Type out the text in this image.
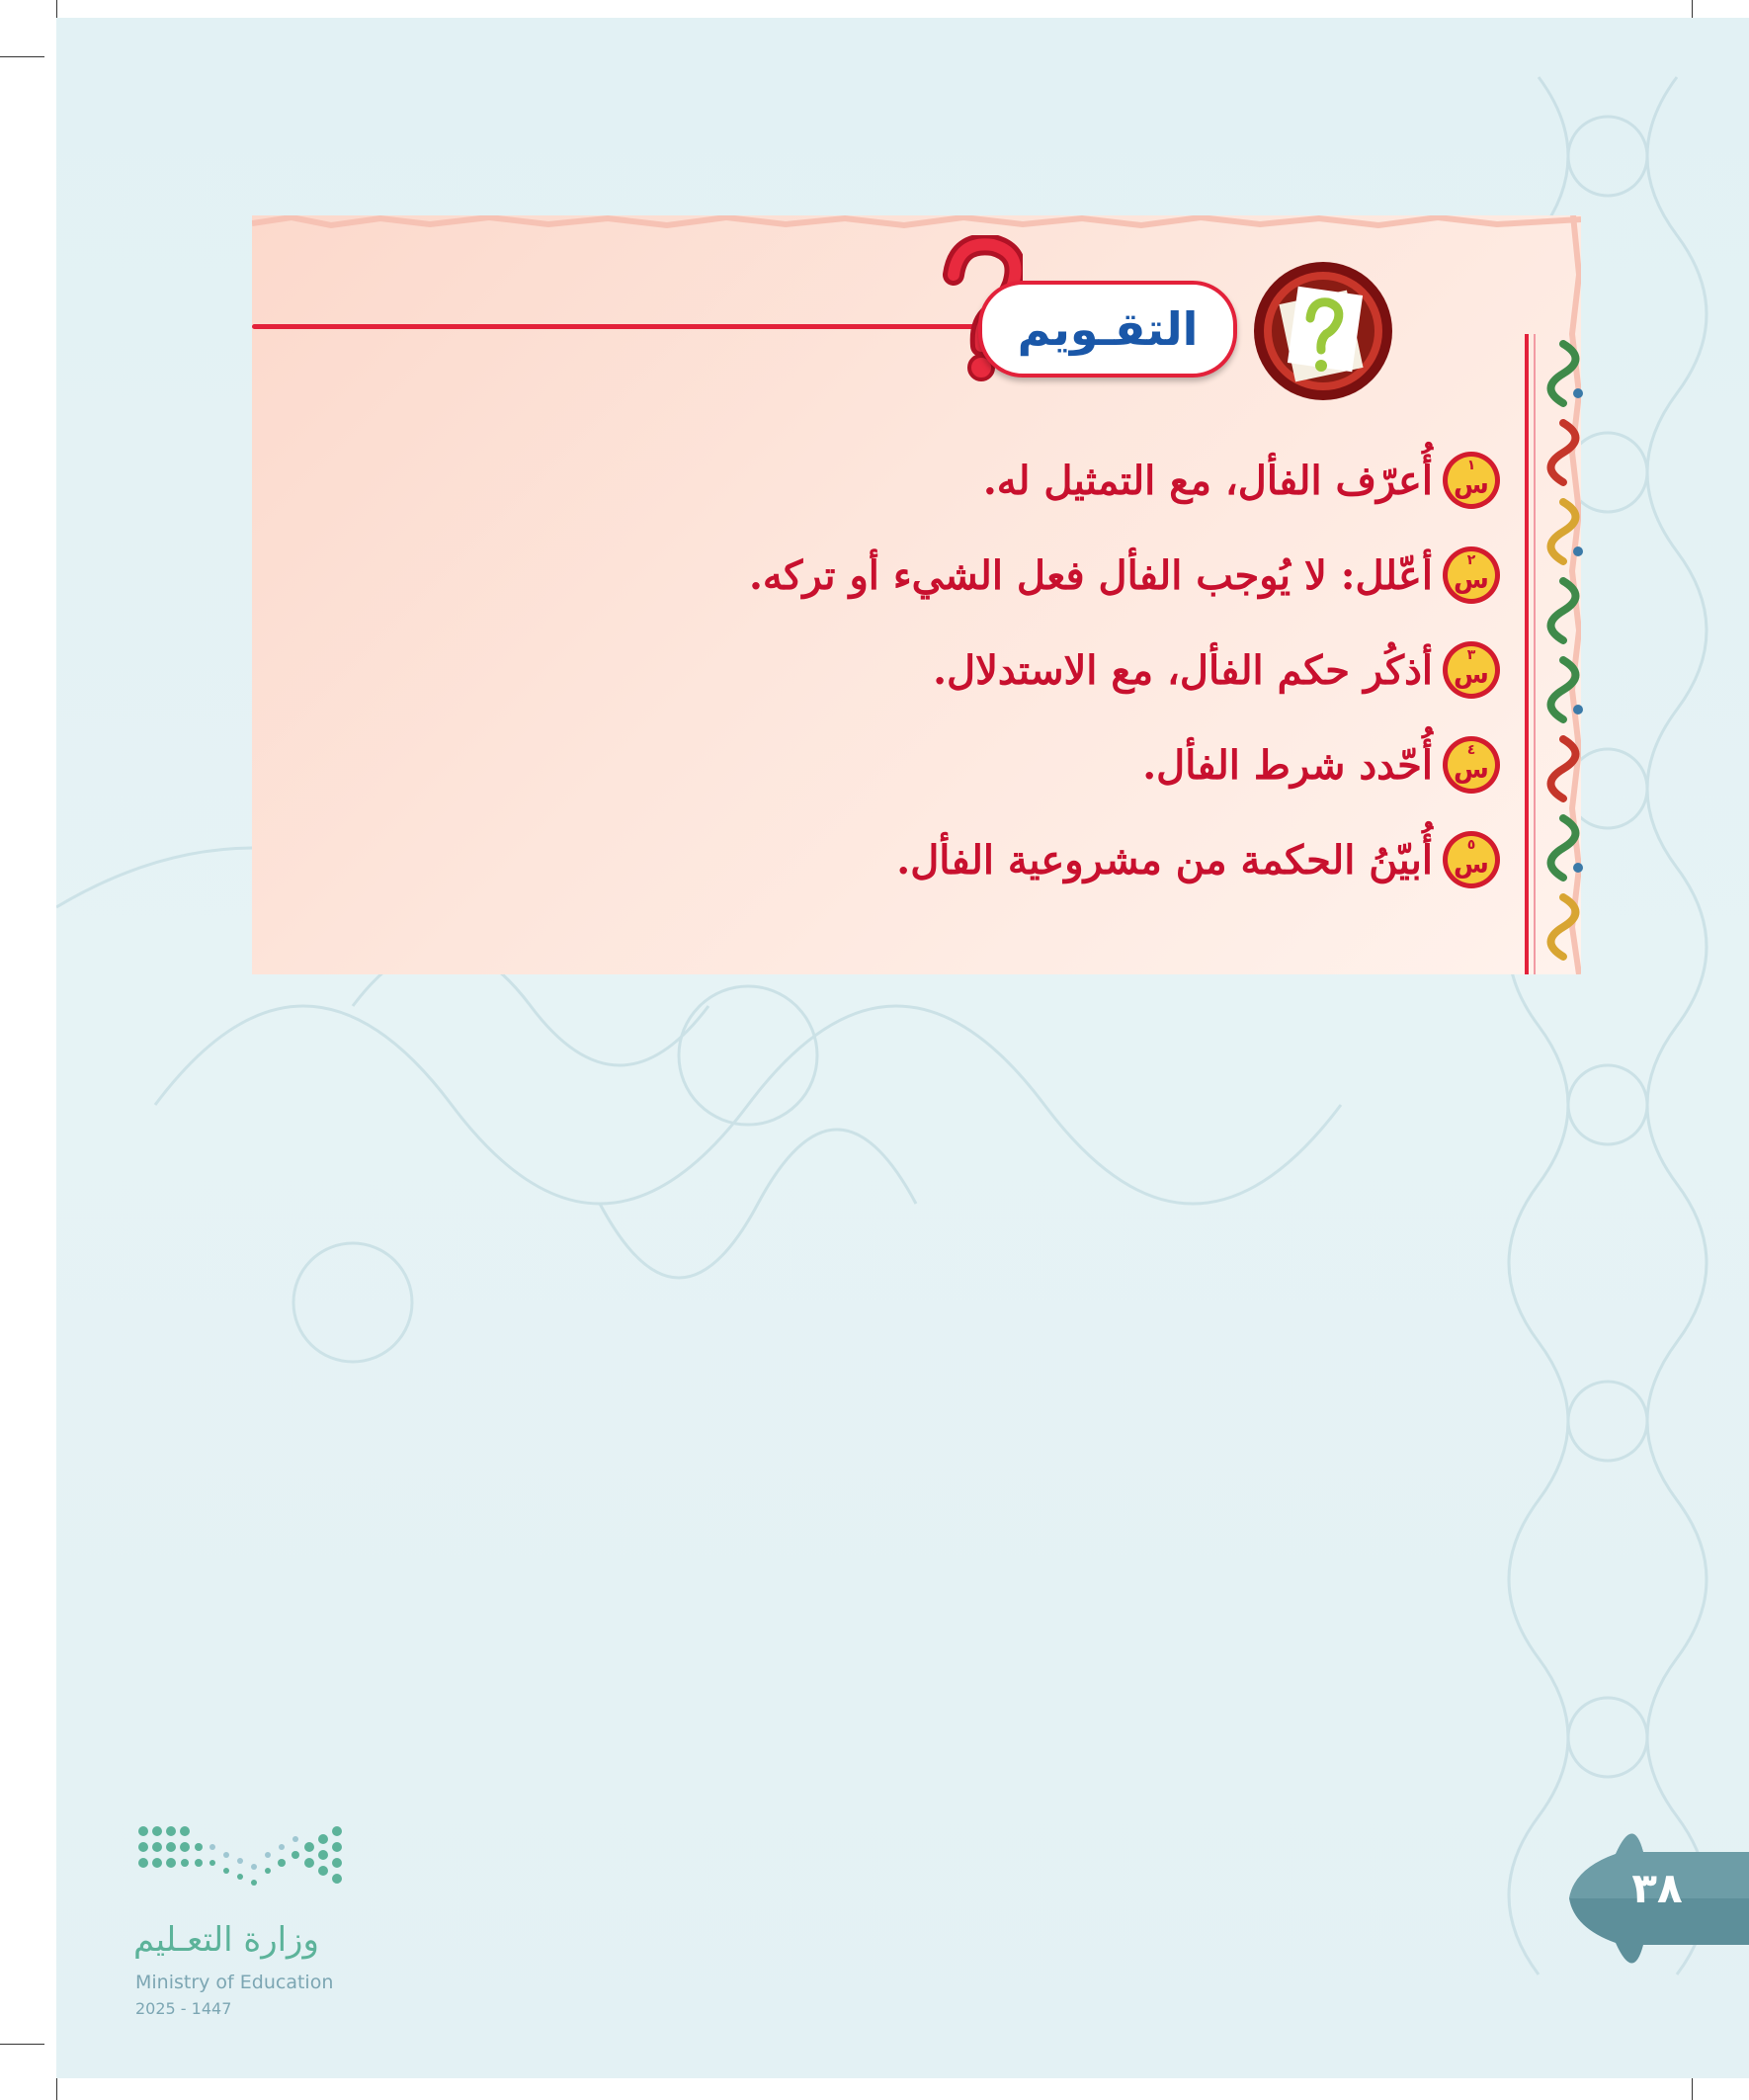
التقـويم
س
١
أُعرّف الفأل، مع التمثيل له.
س
٢
أعّلل: لا يُوجب الفأل فعل الشيء أو تركه.
س
٣
أذكُر حكم الفأل، مع الاستدلال.
س
٤
أُحّدد شرط الفأل.
س
٥
أُبيّنُ الحكمة من مشروعية الفأل.
٣٨
وزارة التعـليم
Ministry of Education
2025 - 1447
